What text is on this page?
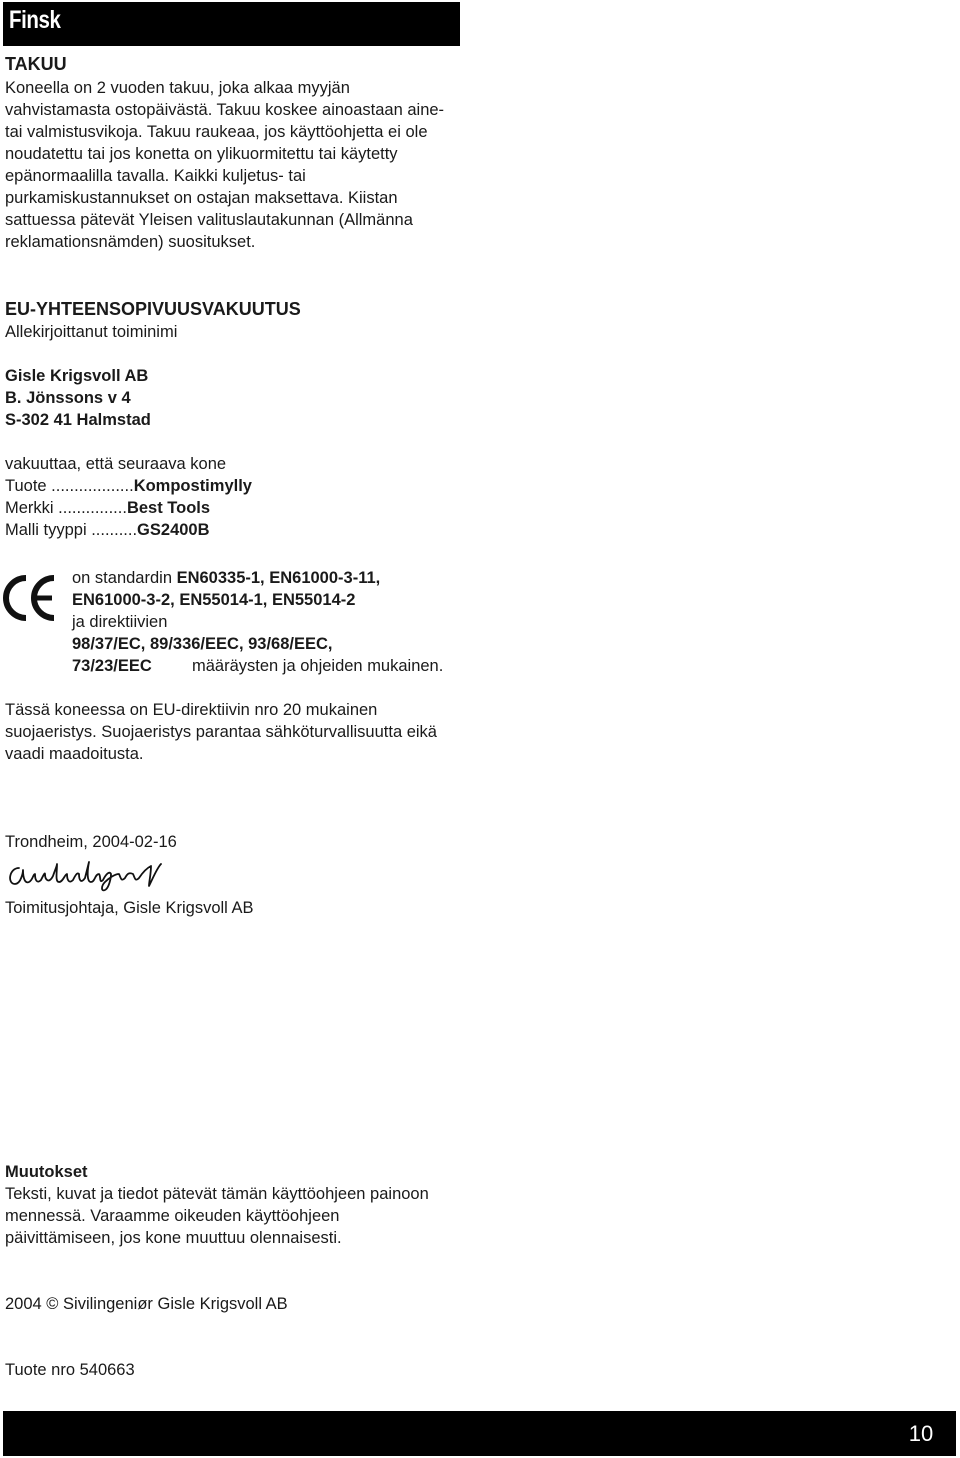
Finsk
TAKUU
Koneella on 2 vuoden takuu, joka alkaa myyjän
vahvistamasta ostopäivästä. Takuu koskee ainoastaan aine-
tai valmistusvikoja. Takuu raukeaa, jos käyttöohjetta ei ole
noudatettu tai jos konetta on ylikuormitettu tai käytetty
epänormaalilla tavalla. Kaikki kuljetus- tai
purkamiskustannukset on ostajan maksettava. Kiistan
sattuessa pätevät Yleisen valituslautakunnan (Allmänna
reklamationsnämden) suositukset.
EU-YHTEENSOPIVUUSVAKUUTUS
Allekirjoittanut toiminimi
Gisle Krigsvoll AB
B. Jönssons v 4
S-302 41 Halmstad
vakuuttaa, että seuraava kone
Tuote ..................Kompostimylly
Merkki ...............Best Tools
Malli tyyppi ..........GS2400B
on standardin EN60335-1, EN61000-3-11,
EN61000-3-2, EN55014-1, EN55014-2
ja direktiivien
98/37/EC, 89/336/EEC, 93/68/EEC,
73/23/EEC määräysten ja ohjeiden mukainen.
Tässä koneessa on EU-direktiivin nro 20 mukainen
suojaeristys. Suojaeristys parantaa sähköturvallisuutta eikä
vaadi maadoitusta.
Trondheim, 2004-02-16
Toimitusjohtaja, Gisle Krigsvoll AB
Muutokset
Teksti, kuvat ja tiedot pätevät tämän käyttöohjeen painoon
mennessä. Varaamme oikeuden käyttöohjeen
päivittämiseen, jos kone muuttuu olennaisesti.
2004 © Sivilingeniør Gisle Krigsvoll AB
Tuote nro 540663
10
